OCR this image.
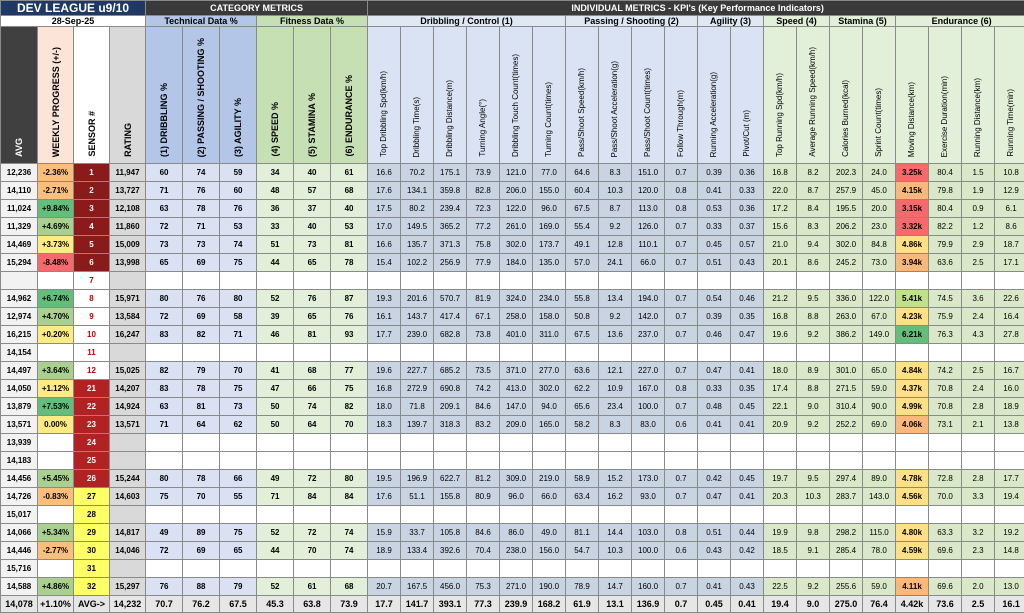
DEV LEAGUE u9/10				CATEGORY METRICS						INDIVIDUAL METRICS - KPI's (Key Performance Indicators)																			
28-Sep-25				Technical Data %			Fitness Data %			Dribbling / Control (1)						Passing / Shooting (2)				Agility (3)		Speed (4)		Stamina (5)		Endurance (6)			
AVG	WEEKLY PROGRESS (+/-)	SENSOR #	RATING	(1) DRIBBLING %	(2) PASSING / SHOOTING %	(3) AGILITY %	(4) SPEED %	(5) STAMINA %	(6) ENDURANCE %	Top Dribbling Spd(km/h)	Dribbling Time(s)	Dribbling Distance(m)	Turning Angle(°)	Dribbling Touch Count(times)	Turning Count(times)	Pass/Shoot Speed(km/h)	Pass/Shoot Acceleration(g)	Pass/Shoot Count(times)	Follow Through(m)	Running Acceleration(g)	Pivot/Cut (m)	Top Running Spd(km/h)	Average Running Speed(km/h)	Calories Burned(kcal)	Sprint Count(times)	Moving Distance(km)	Exercise Duration(min)	Running Distance(km)	Running Time(min)
12,236	-2.36%	1	11,947	60	74	59	34	40	61	16.6	70.2	175.1	73.9	121.0	77.0	64.6	8.3	151.0	0.7	0.39	0.36	16.8	8.2	202.3	24.0	3.25k	80.4	1.5	10.8
14,110	-2.71%	2	13,727	71	76	60	48	57	68	17.6	134.1	359.8	82.8	206.0	155.0	60.4	10.3	120.0	0.8	0.41	0.33	22.0	8.7	257.9	45.0	4.15k	79.8	1.9	12.9
11,024	+9.84%	3	12,108	63	78	76	36	37	40	17.5	80.2	239.4	72.3	122.0	96.0	67.5	8.7	113.0	0.8	0.53	0.36	17.2	8.4	195.5	20.0	3.15k	80.4	0.9	6.1
11,329	+4.69%	4	11,860	72	71	53	33	40	53	17.0	149.5	365.2	77.2	261.0	169.0	55.4	9.2	126.0	0.7	0.33	0.37	15.6	8.3	206.2	23.0	3.32k	82.2	1.2	8.6
14,469	+3.73%	5	15,009	73	73	74	51	73	81	16.6	135.7	371.3	75.8	302.0	173.7	49.1	12.8	110.1	0.7	0.45	0.57	21.0	9.4	302.0	84.8	4.86k	79.9	2.9	18.7
15,294	-8.48%	6	13,998	65	69	75	44	65	78	15.4	102.2	256.9	77.9	184.0	135.0	57.0	24.1	66.0	0.7	0.51	0.43	20.1	8.6	245.2	73.0	3.94k	63.6	2.5	17.1
		7																											
14,962	+6.74%	8	15,971	80	76	80	52	76	87	19.3	201.6	570.7	81.9	324.0	234.0	55.8	13.4	194.0	0.7	0.54	0.46	21.2	9.5	336.0	122.0	5.41k	74.5	3.6	22.6
12,974	+4.70%	9	13,584	72	69	58	39	65	76	16.1	143.7	417.4	67.1	258.0	158.0	50.8	9.2	142.0	0.7	0.39	0.35	16.8	8.8	263.0	67.0	4.23k	75.9	2.4	16.4
16,215	+0.20%	10	16,247	83	82	71	46	81	93	17.7	239.0	682.8	73.8	401.0	311.0	67.5	13.6	237.0	0.7	0.46	0.47	19.6	9.2	386.2	149.0	6.21k	76.3	4.3	27.8
14,154		11																											
14,497	+3.64%	12	15,025	82	79	70	41	68	77	19.6	227.7	685.2	73.5	371.0	277.0	63.6	12.1	227.0	0.7	0.47	0.41	18.0	8.9	301.0	65.0	4.84k	74.2	2.5	16.7
14,050	+1.12%	21	14,207	83	78	75	47	66	75	16.8	272.9	690.8	74.2	413.0	302.0	62.2	10.9	167.0	0.8	0.33	0.35	17.4	8.8	271.5	59.0	4.37k	70.8	2.4	16.0
13,879	+7.53%	22	14,924	63	81	73	50	74	82	18.0	71.8	209.1	84.6	147.0	94.0	65.6	23.4	100.0	0.7	0.48	0.45	22.1	9.0	310.4	90.0	4.99k	70.8	2.8	18.9
13,571	0.00%	23	13,571	71	64	62	50	64	70	18.3	139.7	318.3	83.2	209.0	165.0	58.2	8.3	83.0	0.6	0.41	0.41	20.9	9.2	252.2	69.0	4.06k	73.1	2.1	13.8
13,939		24																											
14,183		25																											
14,456	+5.45%	26	15,244	80	78	66	49	72	80	19.5	196.9	622.7	81.2	309.0	219.0	58.9	15.2	173.0	0.7	0.42	0.45	19.7	9.5	297.4	89.0	4.78k	72.8	2.8	17.7
14,726	-0.83%	27	14,603	75	70	55	71	84	84	17.6	51.1	155.8	80.9	96.0	66.0	63.4	16.2	93.0	0.7	0.47	0.41	20.3	10.3	283.7	143.0	4.56k	70.0	3.3	19.4
15,017		28																											
14,066	+5.34%	29	14,817	49	89	75	52	72	74	15.9	33.7	105.8	84.6	86.0	49.0	81.1	14.4	103.0	0.8	0.51	0.44	19.9	9.8	298.2	115.0	4.80k	63.3	3.2	19.2
14,446	-2.77%	30	14,046	72	69	65	44	70	74	18.9	133.4	392.6	70.4	238.0	156.0	54.7	10.3	100.0	0.6	0.43	0.42	18.5	9.1	285.4	78.0	4.59k	69.6	2.3	14.8
15,716		31																											
14,588	+4.86%	32	15,297	76	88	79	52	61	68	20.7	167.5	456.0	75.3	271.0	190.0	78.9	14.7	160.0	0.7	0.41	0.43	22.5	9.2	255.6	59.0	4.11k	69.6	2.0	13.0
14,078	+1.10%	AVG->	14,232	70.7	76.2	67.5	45.3	63.8	73.9	17.7	141.7	393.1	77.3	239.9	168.2	61.9	13.1	136.9	0.7	0.45	0.41	19.4	9.0	275.0	76.4	4.42k	73.6	2.5	16.1
